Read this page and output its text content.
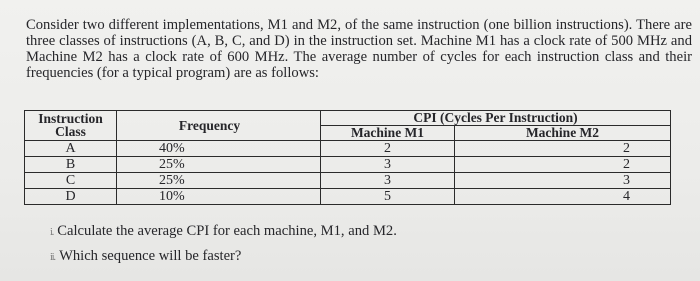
Consider two different implementations, M1 and M2, of the same instruction (one billion instructions). There are three classes of instructions (A, B, C, and D) in the instruction set. Machine M1 has a clock rate of 500 MHz and Machine M2 has a clock rate of 600 MHz. The average number of cycles for each instruction class and their frequencies (for a typical program) are as follows:

Instruction
Class	Frequency	CPI (Cycles Per Instruction)	
		Machine M1	Machine M2
A	40%	2	2
B	25%	3	2
C	25%	3	3
D	10%	5	4

i. Calculate the average CPI for each machine, M1, and M2.

ii. Which sequence will be faster?
